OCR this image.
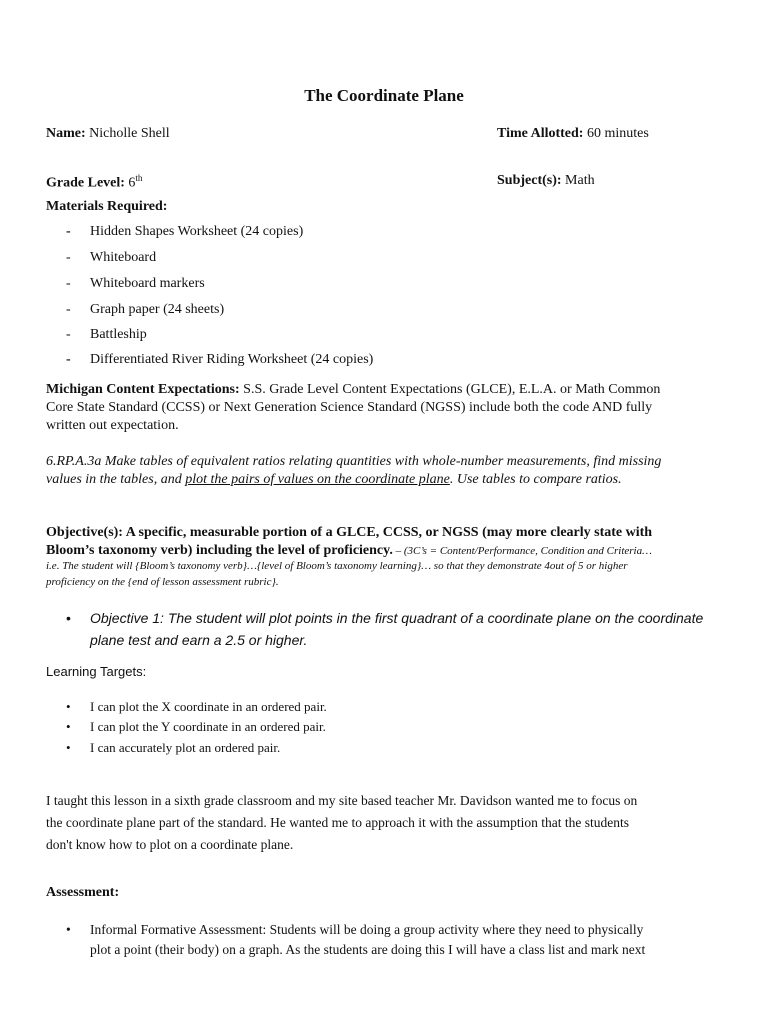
The Coordinate Plane
Name: Nicholle Shell	Time Allotted: 60 minutes
Grade Level: 6th	Subject(s): Math
Materials Required:
- Hidden Shapes Worksheet (24 copies)
- Whiteboard
- Whiteboard markers
- Graph paper (24 sheets)
- Battleship
- Differentiated River Riding Worksheet (24 copies)
Michigan Content Expectations: S.S. Grade Level Content Expectations (GLCE), E.L.A. or Math Common
Core State Standard (CCSS) or Next Generation Science Standard (NGSS) include both the code AND fully
written out expectation.
6.RP.A.3a Make tables of equivalent ratios relating quantities with whole-number measurements, find missing
values in the tables, and plot the pairs of values on the coordinate plane. Use tables to compare ratios.
Objective(s): A specific, measurable portion of a GLCE, CCSS, or NGSS (may more clearly state with
Bloom’s taxonomy verb) including the level of proficiency. – (3C’s = Content/Performance, Condition and Criteria…
i.e. The student will {Bloom’s taxonomy verb}…{level of Bloom’s taxonomy learning}… so that they demonstrate 4out of 5 or higher
proficiency on the {end of lesson assessment rubric}.
• Objective 1: The student will plot points in the first quadrant of a coordinate plane on the coordinate
plane test and earn a 2.5 or higher.
Learning Targets:
• I can plot the X coordinate in an ordered pair.
• I can plot the Y coordinate in an ordered pair.
• I can accurately plot an ordered pair.
I taught this lesson in a sixth grade classroom and my site based teacher Mr. Davidson wanted me to focus on
the coordinate plane part of the standard. He wanted me to approach it with the assumption that the students
don't know how to plot on a coordinate plane.
Assessment:
• Informal Formative Assessment: Students will be doing a group activity where they need to physically
plot a point (their body) on a graph. As the students are doing this I will have a class list and mark next
